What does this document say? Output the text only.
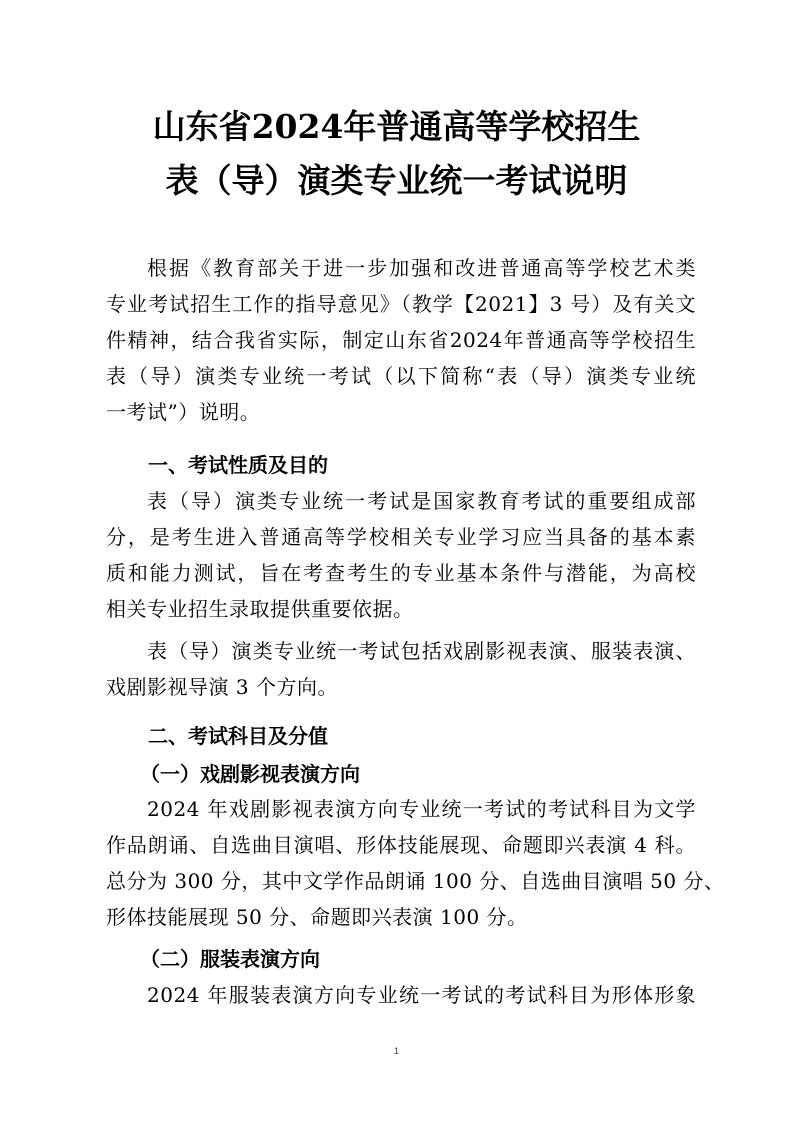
山东省2024年普通高等学校招生
表（导）演类专业统一考试说明
根据《教育部关于进一步加强和改进普通高等学校艺术类
专业考试招生工作的指导意见》（教学【2021】3 号）及有关文
件精神，结合我省实际，制定山东省2024年普通高等学校招生
表（导）演类专业统一考试（以下简称“表（导）演类专业统
一考试”）说明。
一、考试性质及目的
表（导）演类专业统一考试是国家教育考试的重要组成部
分，是考生进入普通高等学校相关专业学习应当具备的基本素
质和能力测试，旨在考查考生的专业基本条件与潜能，为高校
相关专业招生录取提供重要依据。
表（导）演类专业统一考试包括戏剧影视表演、服装表演、
戏剧影视导演 3 个方向。
二、考试科目及分值
（一）戏剧影视表演方向
2024 年戏剧影视表演方向专业统一考试的考试科目为文学
作品朗诵、自选曲目演唱、形体技能展现、命题即兴表演 4 科。
总分为 300 分，其中文学作品朗诵 100 分、自选曲目演唱 50 分、
形体技能展现 50 分、命题即兴表演 100 分。
（二）服装表演方向
2024 年服装表演方向专业统一考试的考试科目为形体形象
1
